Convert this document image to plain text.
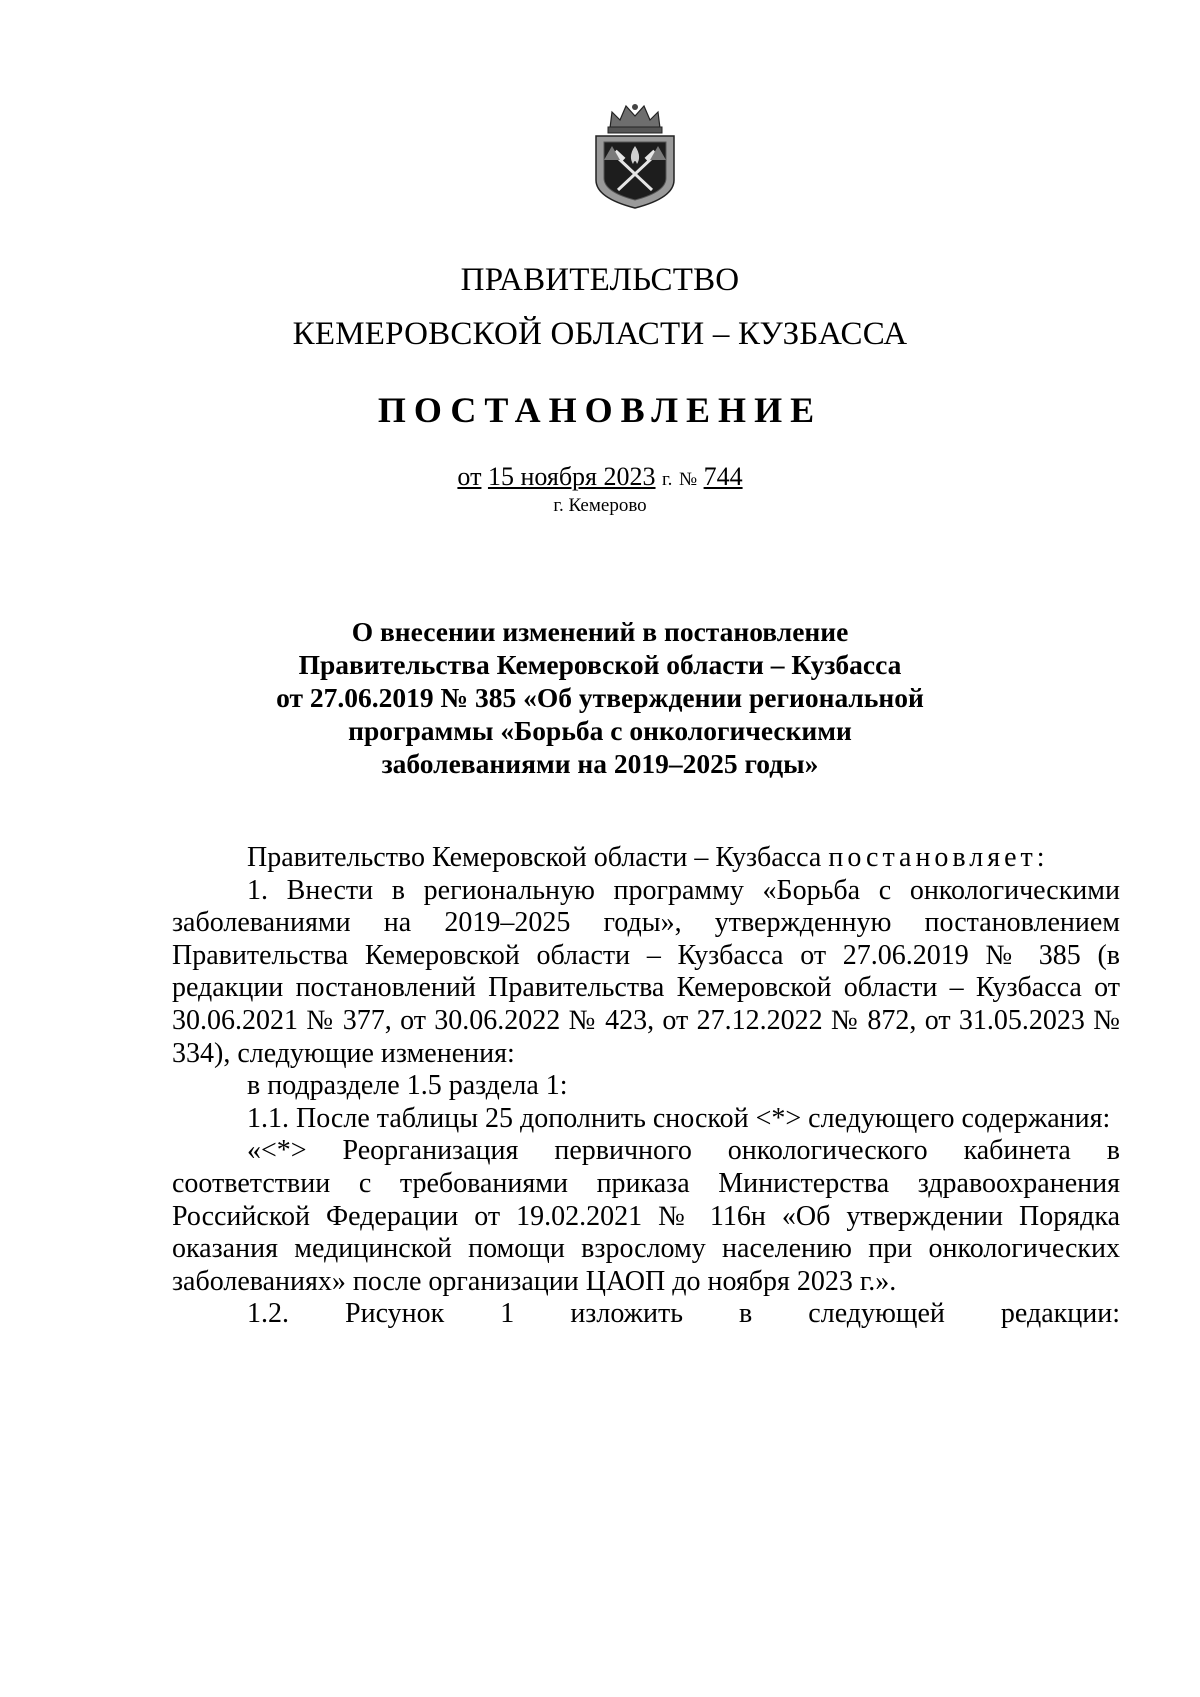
ПРАВИТЕЛЬСТВО
КЕМЕРОВСКОЙ ОБЛАСТИ – КУЗБАССА
ПОСТАНОВЛЕНИЕ
от 15 ноября 2023 г. № 744
г. Кемерово
О внесении изменений в постановление
Правительства Кемеровской области – Кузбасса
от 27.06.2019 № 385 «Об утверждении региональной
программы «Борьба с онкологическими
заболеваниями на 2019–2025 годы»

Правительство Кемеровской области – Кузбасса постановляет:

1. Внести в региональную программу «Борьба с онкологическими заболеваниями на 2019–2025 годы», утвержденную постановлением Правительства Кемеровской области – Кузбасса от 27.06.2019 № 385 (в редакции постановлений Правительства Кемеровской области – Кузбасса от 30.06.2021 № 377, от 30.06.2022 № 423, от 27.12.2022 № 872, от 31.05.2023 № 334), следующие изменения:

в подразделе 1.5 раздела 1:

1.1. После таблицы 25 дополнить сноской <*> следующего содержания:

«<*> Реорганизация первичного онкологического кабинета в соответствии с требованиями приказа Министерства здравоохранения Российской Федерации от 19.02.2021 № 116н «Об утверждении Порядка оказания медицинской помощи взрослому населению при онкологических заболеваниях» после организации ЦАОП до ноября 2023 г.».

1.2. Рисунок 1 изложить в следующей редакции:
